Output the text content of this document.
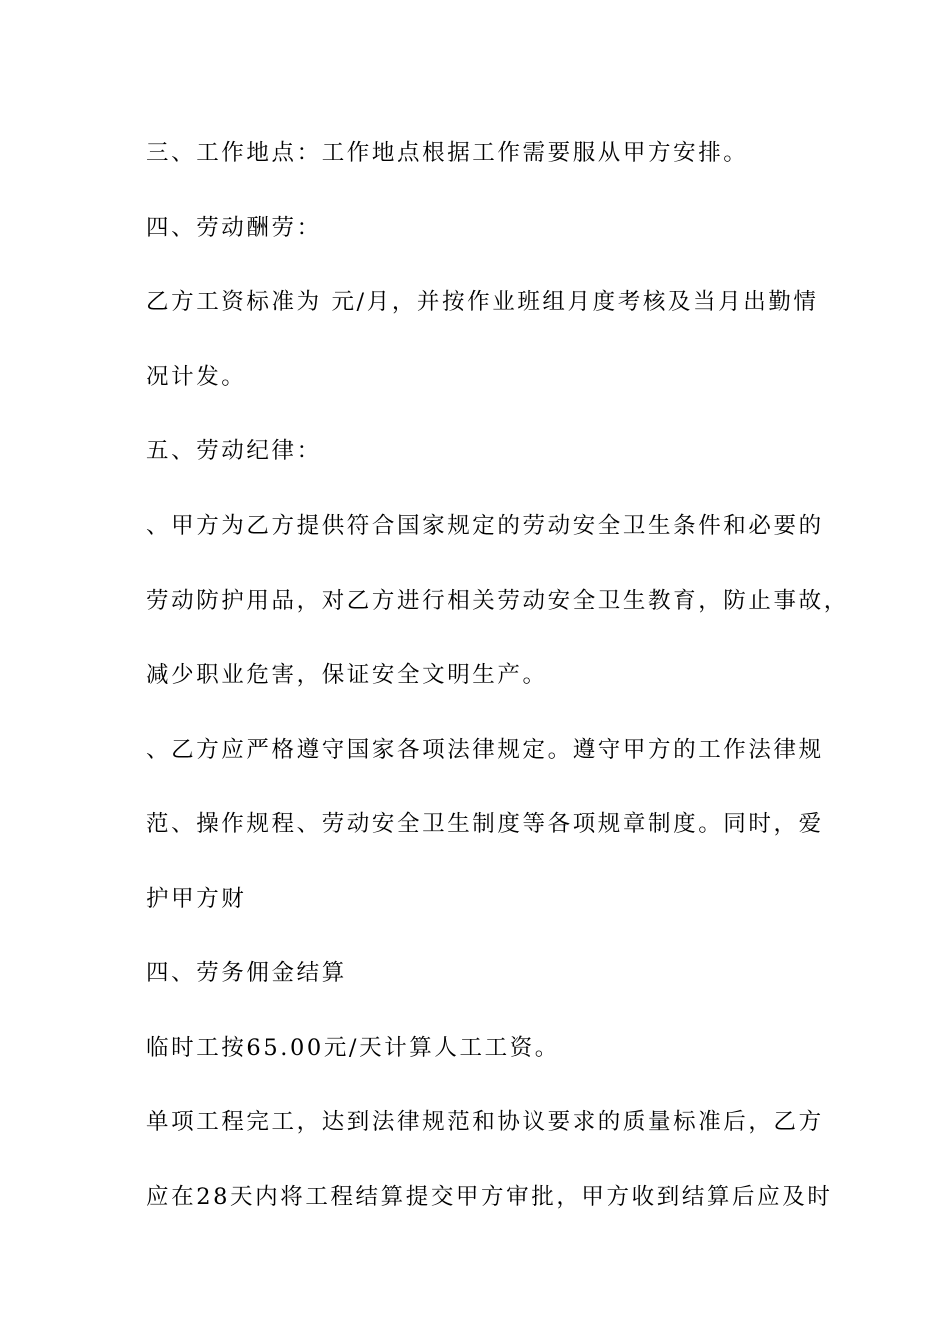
三、工作地点：工作地点根据工作需要服从甲方安排。
四、劳动酬劳：
乙方工资标准为 元/月，并按作业班组月度考核及当月出勤情
况计发。
五、劳动纪律：
、甲方为乙方提供符合国家规定的劳动安全卫生条件和必要的
劳动防护用品，对乙方进行相关劳动安全卫生教育，防止事故，
减少职业危害，保证安全文明生产。
、乙方应严格遵守国家各项法律规定。遵守甲方的工作法律规
范、操作规程、劳动安全卫生制度等各项规章制度。同时，爱
护甲方财
四、劳务佣金结算
临时工按65.00元/天计算人工工资。
单项工程完工，达到法律规范和协议要求的质量标准后，乙方
应在28天内将工程结算提交甲方审批，甲方收到结算后应及时
